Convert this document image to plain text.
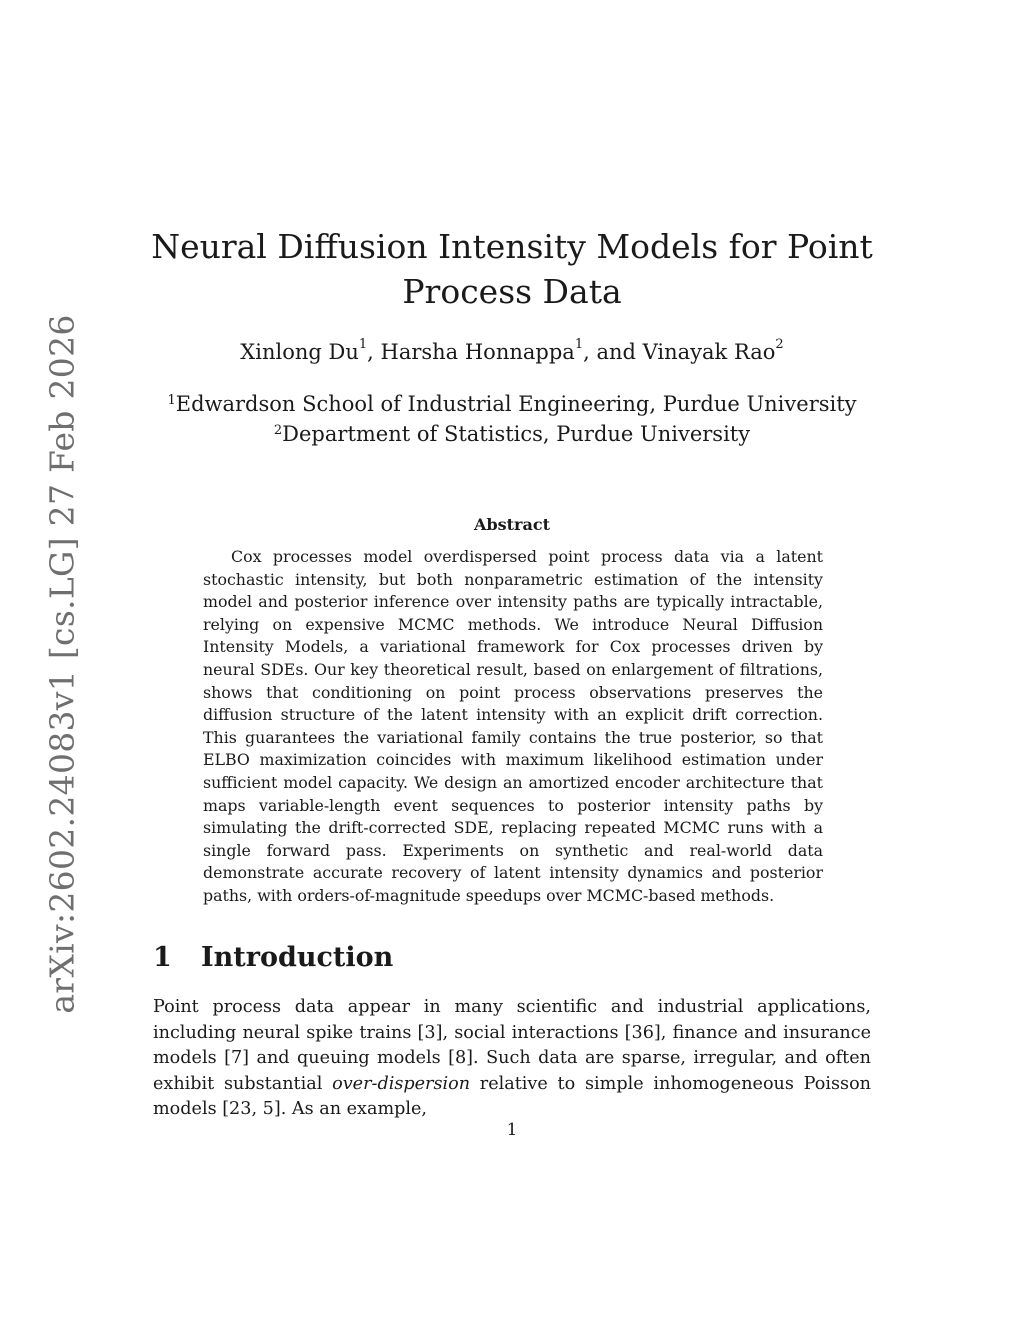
arXiv:2602.24083v1 [cs.LG] 27 Feb 2026
Neural Diffusion Intensity Models for Point Process Data
Xinlong Du$^1$, Harsha Honnappa$^1$, and Vinayak Rao$^2$
$^1$Edwardson School of Industrial Engineering, Purdue University
$^2$Department of Statistics, Purdue University
Abstract

Cox processes model overdispersed point process data via a latent stochastic intensity, but both nonparametric estimation of the intensity model and posterior inference over intensity paths are typically intractable, relying on expensive MCMC methods. We introduce Neural Diffusion Intensity Models, a variational framework for Cox processes driven by neural SDEs. Our key theoretical result, based on enlargement of filtrations, shows that conditioning on point process observations preserves the diffusion structure of the latent intensity with an explicit drift correction. This guarantees the variational family contains the true posterior, so that ELBO maximization coincides with maximum likelihood estimation under sufficient model capacity. We design an amortized encoder architecture that maps variable-length event sequences to posterior intensity paths by simulating the drift-corrected SDE, replacing repeated MCMC runs with a single forward pass. Experiments on synthetic and real-world data demonstrate accurate recovery of latent intensity dynamics and posterior paths, with orders-of-magnitude speedups over MCMC-based methods.

1 Introduction

Point process data appear in many scientific and industrial applications, including neural spike trains [3], social interactions [36], finance and insurance models [7] and queuing models [8]. Such data are sparse, irregular, and often exhibit substantial over-dispersion relative to simple inhomogeneous Poisson models [23, 5]. As an example,

1
